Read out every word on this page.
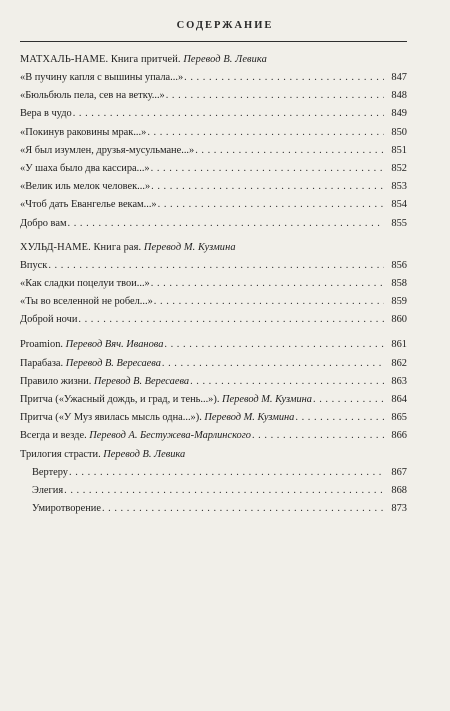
СОДЕРЖАНИЕ
МАТХАЛЬ-НАМЕ. Книга притчей. Перевод В. Левика
«В пучину капля с вышины упала...» . . .	847
«Бюльбюль пела, сев на ветку...» . . .	848
Вера в чудо . . .	849
«Покинув раковины мрак...» . . .	850
«Я был изумлен, друзья-мусульмане...» . . .	851
«У шаха было два кассира...» . . .	852
«Велик иль мелок человек...» . . .	853
«Чтоб дать Евангелье векам...» . . .	854
Добро вам . . .	855
ХУЛЬД-НАМЕ. Книга рая. Перевод М. Кузмина
Впуск . . .	856
«Как сладки поцелуи твои...» . . .	858
«Ты во вселенной не робел...» . . .	859
Доброй ночи . . .	860
Proamion. Перевод Вяч. Иванова . . .	861
Парабаза. Перевод В. Вересаева . . .	862
Правило жизни. Перевод В. Вересаева . . .	863
Притча («Ужасный дождь, и град, и тень...»). Перевод М. Кузмина . . .	864
Притча («У Муз явилась мысль одна...»). Перевод М. Кузмина . . .	865
Всегда и везде. Перевод А. Бестужева-Марлинского . . .	866
Трилогия страсти. Перевод В. Левика
Вертеру . . .	867
Элегия . . .	868
Умиротворение . . .	873
